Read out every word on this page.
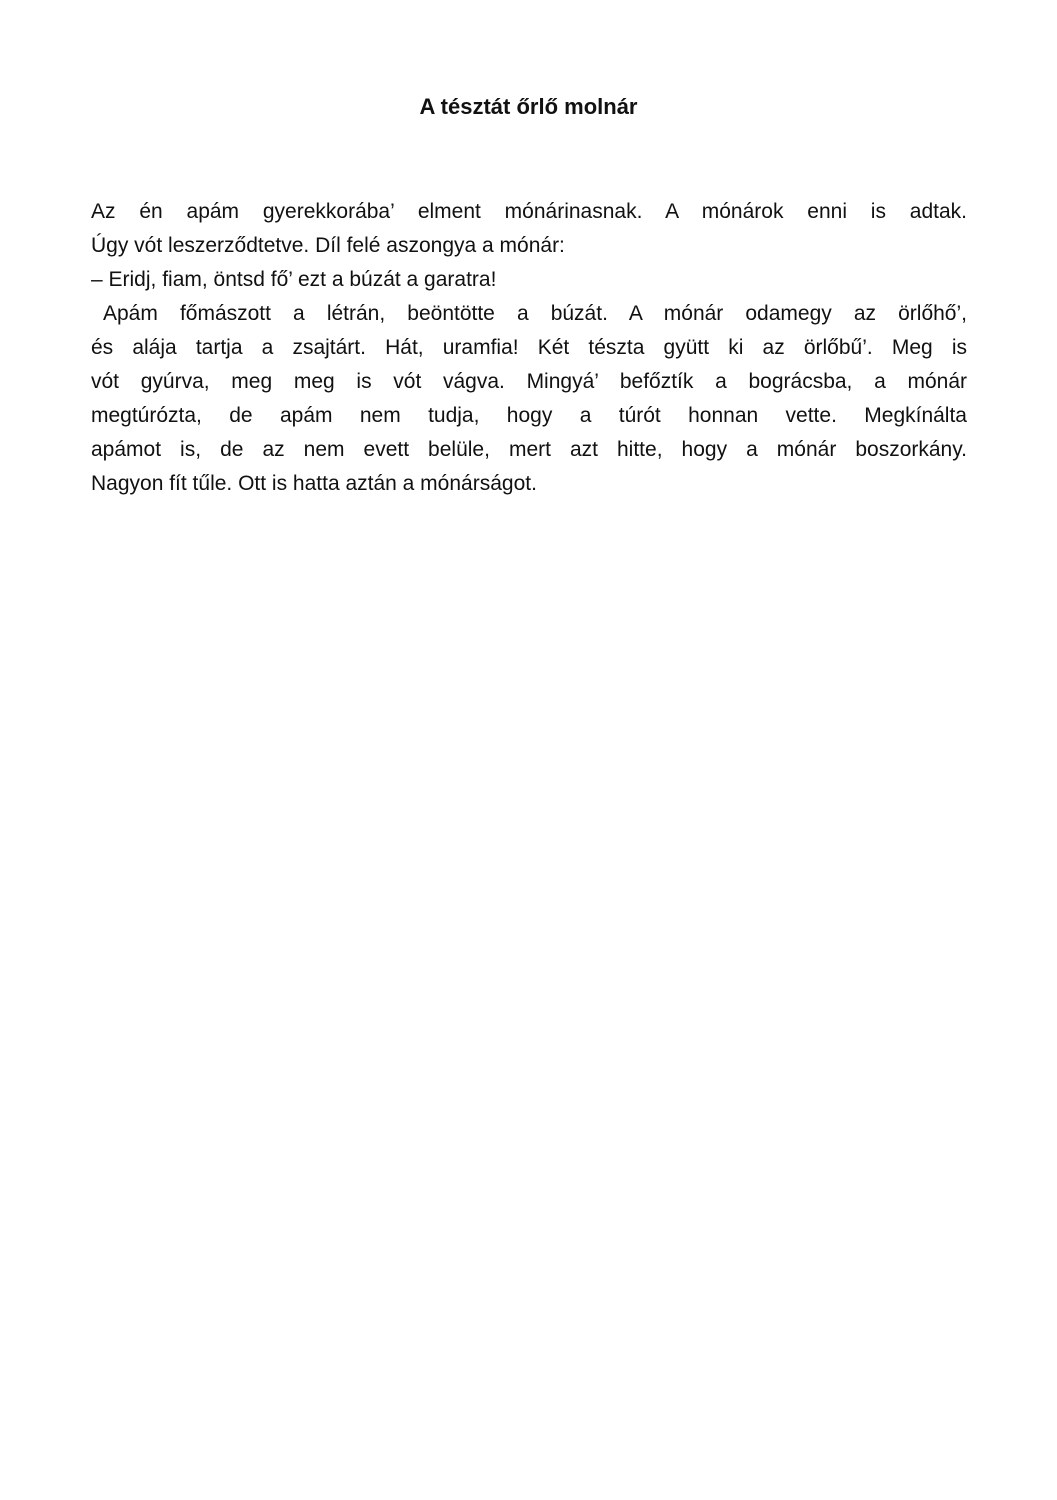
A tésztát őrlő molnár
Az én apám gyerekkorába’ elment mónárinasnak. A mónárok enni is adtak.
Úgy vót leszerződtetve. Díl felé aszongya a mónár:
– Eridj, fiam, öntsd fő’ ezt a búzát a garatra!
Apám főmászott a létrán, beöntötte a búzát. A mónár odamegy az örlőhő’,
és alája tartja a zsajtárt. Hát, uramfia! Két tészta gyütt ki az örlőbű’. Meg is
vót gyúrva, meg meg is vót vágva. Mingyá’ befőztík a bográcsba, a mónár
megtúrózta, de apám nem tudja, hogy a túrót honnan vette. Megkínálta
apámot is, de az nem evett belüle, mert azt hitte, hogy a mónár boszorkány.
Nagyon fít tűle. Ott is hatta aztán a mónárságot.
